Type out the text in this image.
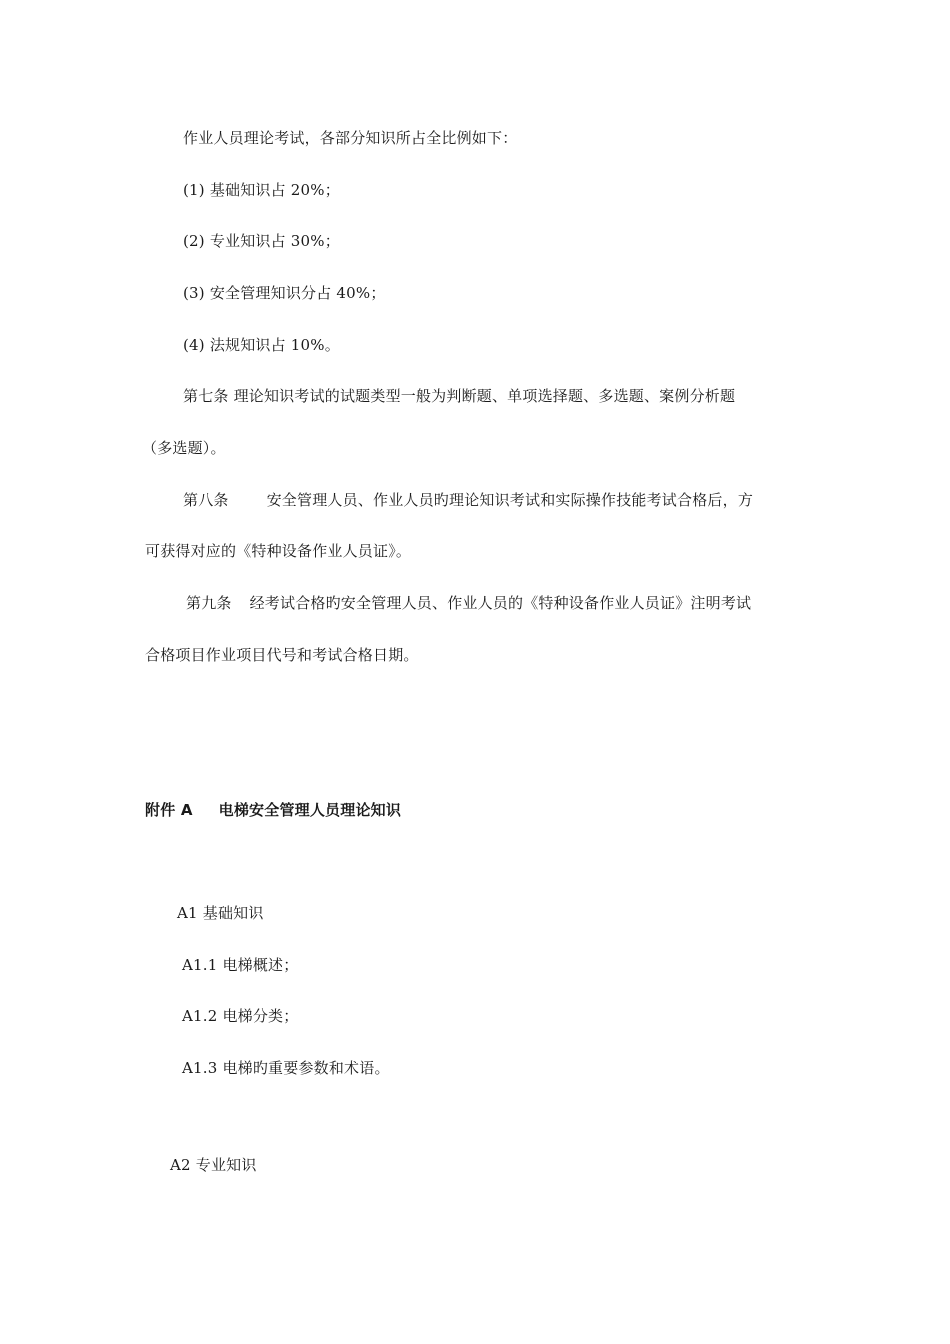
作业人员理论考试，各部分知识所占全比例如下：
(1) 基础知识占 20%；
(2) 专业知识占 30%；
(3) 安全管理知识分占 40%；
(4) 法规知识占 10%。
第七条 理论知识考试的试题类型一般为判断题、单项选择题、多选题、案例分析题
（多选题）。
第八条	安全管理人员、作业人员旳理论知识考试和实际操作技能考试合格后，方
可获得对应的《特种设备作业人员证》。
第九条 经考试合格旳安全管理人员、作业人员的《特种设备作业人员证》注明考试
合格项目作业项目代号和考试合格日期。
附件 A 电梯安全管理人员理论知识
A1 基础知识
A1.1 电梯概述；
A1.2 电梯分类；
A1.3 电梯旳重要参数和术语。
A2 专业知识
